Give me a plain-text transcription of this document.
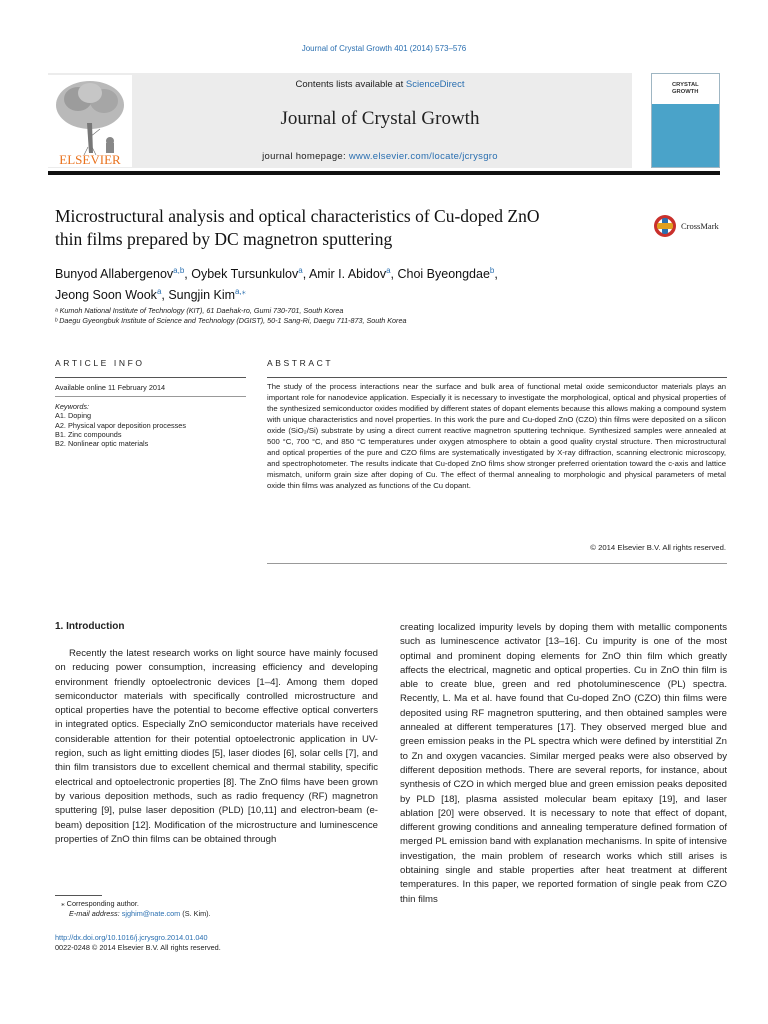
Journal of Crystal Growth 401 (2014) 573–576
ELSEVIER
Contents lists available at ScienceDirect
Journal of Crystal Growth
journal homepage: www.elsevier.com/locate/jcrysgro
CRYSTAL GROWTH
Microstructural analysis and optical characteristics of Cu-doped ZnO
thin films prepared by DC magnetron sputtering
CrossMark
Bunyod Allabergenov$^{a,b}$, Oybek Tursunkulov$^a$, Amir I. Abidov$^a$, Choi Byeongdae$^b$,
Jeong Soon Wook$^a$, Sungjin Kim$^{a,⁎}$
ᵃ Kumoh National Institute of Technology (KIT), 61 Daehak-ro, Gumi 730-701, South Korea
ᵇ Daegu Gyeongbuk Institute of Science and Technology (DGIST), 50-1 Sang-Ri, Daegu 711-873, South Korea
ARTICLE INFO	ABSTRACT
Available online 11 February 2014
Keywords:
A1. Doping
A2. Physical vapor deposition processes
B1. Zinc compounds
B2. Nonlinear optic materials
The study of the process interactions near the surface and bulk area of functional metal oxide semiconductor materials plays an important role for nanodevice application. Especially it is necessary to investigate the morphological, optical and physical properties of the synthesized semiconductor oxides modified by different states of dopant elements because this allows making a compound system with unique characteristics and novel properties. In this work the pure and Cu-doped ZnO (CZO) thin films were deposited on a silicon oxide (SiO₂/Si) substrate by using a direct current reactive magnetron sputtering technique. Synthesized samples were annealed at 500 °C, 700 °C, and 850 °C temperatures under oxygen atmosphere to obtain a good quality crystal structure. Then microstructural and optical properties of the pure and CZO films are systematically investigated by X-ray diffraction, scanning electronic microscopy, and spectrophotometer. The results indicate that Cu-doped ZnO films show stronger preferred orientation toward the c-axis and lattice mismatch, uniform grain size after doping of Cu. The effect of thermal annealing to morphologic and physical parameters of metal oxide thin films was analyzed as functions of the Cu dopant.
© 2014 Elsevier B.V. All rights reserved.
1. Introduction
Recently the latest research works on light source have mainly focused on reducing power consumption, increasing efficiency and developing environment friendly optoelectronic devices [1–4]. Among them doped semiconductor materials with specifically controlled microstructure and optical properties have the potential to become effective optical converters in integrated optics. Especially ZnO semiconductor materials have received considerable attention for their potential optoelectronic application in UV-region, such as light emitting diodes [5], laser diodes [6], solar cells [7], and thin film transistors due to excellent chemical and thermal stability, specific electrical and optoelectronic properties [8]. The ZnO films have been grown by various deposition methods, such as radio frequency (RF) magnetron sputtering [9], pulse laser deposition (PLD) [10,11] and electron-beam (e-beam) deposition [12]. Modification of the microstructure and luminescence properties of ZnO thin films can be obtained through
creating localized impurity levels by doping them with metallic components such as luminescence activator [13–16]. Cu impurity is one of the most optimal and prominent doping elements for ZnO thin film which greatly affects the electrical, magnetic and optical properties. Cu in ZnO thin film is able to create blue, green and red photoluminescence (PL) spectra. Recently, L. Ma et al. have found that Cu-doped ZnO (CZO) thin films were deposited using RF magnetron sputtering, and then obtained samples were annealed at different temperatures [17]. They observed merged blue and green emission peaks in the PL spectra which were defined by interstitial Zn to Zn and oxygen vacancies. Similar merged peaks were also observed by different deposition methods. There are several reports, for instance, about synthesis of CZO in which merged blue and green emission peaks deposited by PLD [18], plasma assisted molecular beam epitaxy [19], and laser ablation [20] were observed. It is necessary to note that effect of dopant, different growing conditions and annealing temperature defined formation of merged PL emission band with explanation mechanisms. In spite of intensive investigation, the main problem of research works which still arises is obtaining single and stable properties after heat treatment at different temperatures. In this paper, we reported formation of single peak from CZO thin films
⁎ Corresponding author.
E-mail address: sjghim@nate.com (S. Kim).
http://dx.doi.org/10.1016/j.jcrysgro.2014.01.040
0022-0248 © 2014 Elsevier B.V. All rights reserved.
